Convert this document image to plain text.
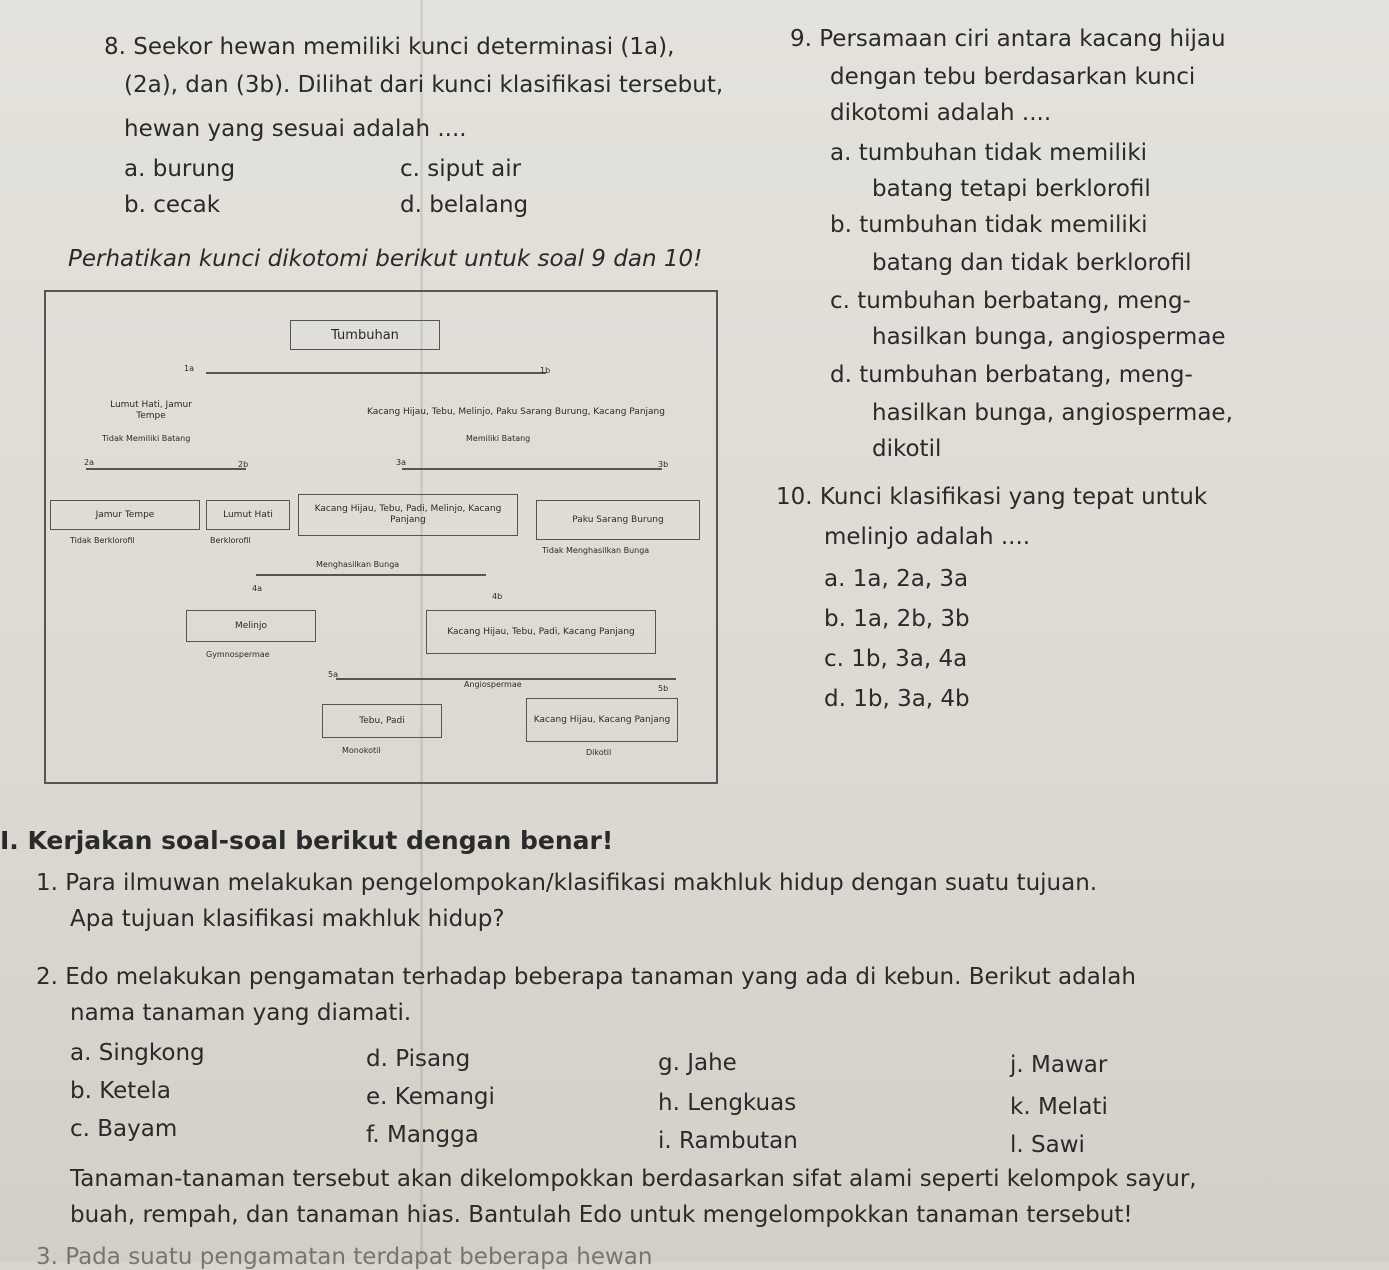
8. Seekor hewan memiliki kunci determinasi (1a),
(2a), dan (3b). Dilihat dari kunci klasifikasi tersebut,
hewan yang sesuai adalah ....
a. burung
b. cecak
c. siput air
d. belalang
Perhatikan kunci dikotomi berikut untuk soal 9 dan 10!
Tumbuhan
1a	1b
Lumut Hati, Jamur Tempe
Tidak Memiliki Batang
Kacang Hijau, Tebu, Melinjo, Paku Sarang Burung, Kacang Panjang
Memiliki Batang
2a	2b	3a	3b
Jamur Tempe
Tidak Berklorofil
Lumut Hati
Berklorofil
Kacang Hijau, Tebu, Padi, Melinjo, Kacang Panjang
Menghasilkan Bunga
Paku Sarang Burung
Tidak Menghasilkan Bunga
4a
4b
Melinjo
Gymnospermae
Kacang Hijau, Tebu, Padi, Kacang Panjang
Angiospermae
5a
5b
Tebu, Padi
Monokotil
Kacang Hijau, Kacang Panjang
Dikotil
9. Persamaan ciri antara kacang hijau
dengan tebu berdasarkan kunci
dikotomi adalah ....
a. tumbuhan tidak memiliki
batang tetapi berklorofil
b. tumbuhan tidak memiliki
batang dan tidak berklorofil
c. tumbuhan berbatang, meng-
hasilkan bunga, angiospermae
d. tumbuhan berbatang, meng-
hasilkan bunga, angiospermae,
dikotil
10. Kunci klasifikasi yang tepat untuk
melinjo adalah ....
a. 1a, 2a, 3a
b. 1a, 2b, 3b
c. 1b, 3a, 4a
d. 1b, 3a, 4b
I. Kerjakan soal-soal berikut dengan benar!
1. Para ilmuwan melakukan pengelompokan/klasifikasi makhluk hidup dengan suatu tujuan.
Apa tujuan klasifikasi makhluk hidup?
2. Edo melakukan pengamatan terhadap beberapa tanaman yang ada di kebun. Berikut adalah
nama tanaman yang diamati.
a. Singkong
b. Ketela
c. Bayam
d. Pisang
e. Kemangi
f. Mangga
g. Jahe
h. Lengkuas
i. Rambutan
j. Mawar
k. Melati
l. Sawi
Tanaman-tanaman tersebut akan dikelompokkan berdasarkan sifat alami seperti kelompok sayur,
buah, rempah, dan tanaman hias. Bantulah Edo untuk mengelompokkan tanaman tersebut!
3. Pada suatu pengamatan terdapat beberapa hewan
